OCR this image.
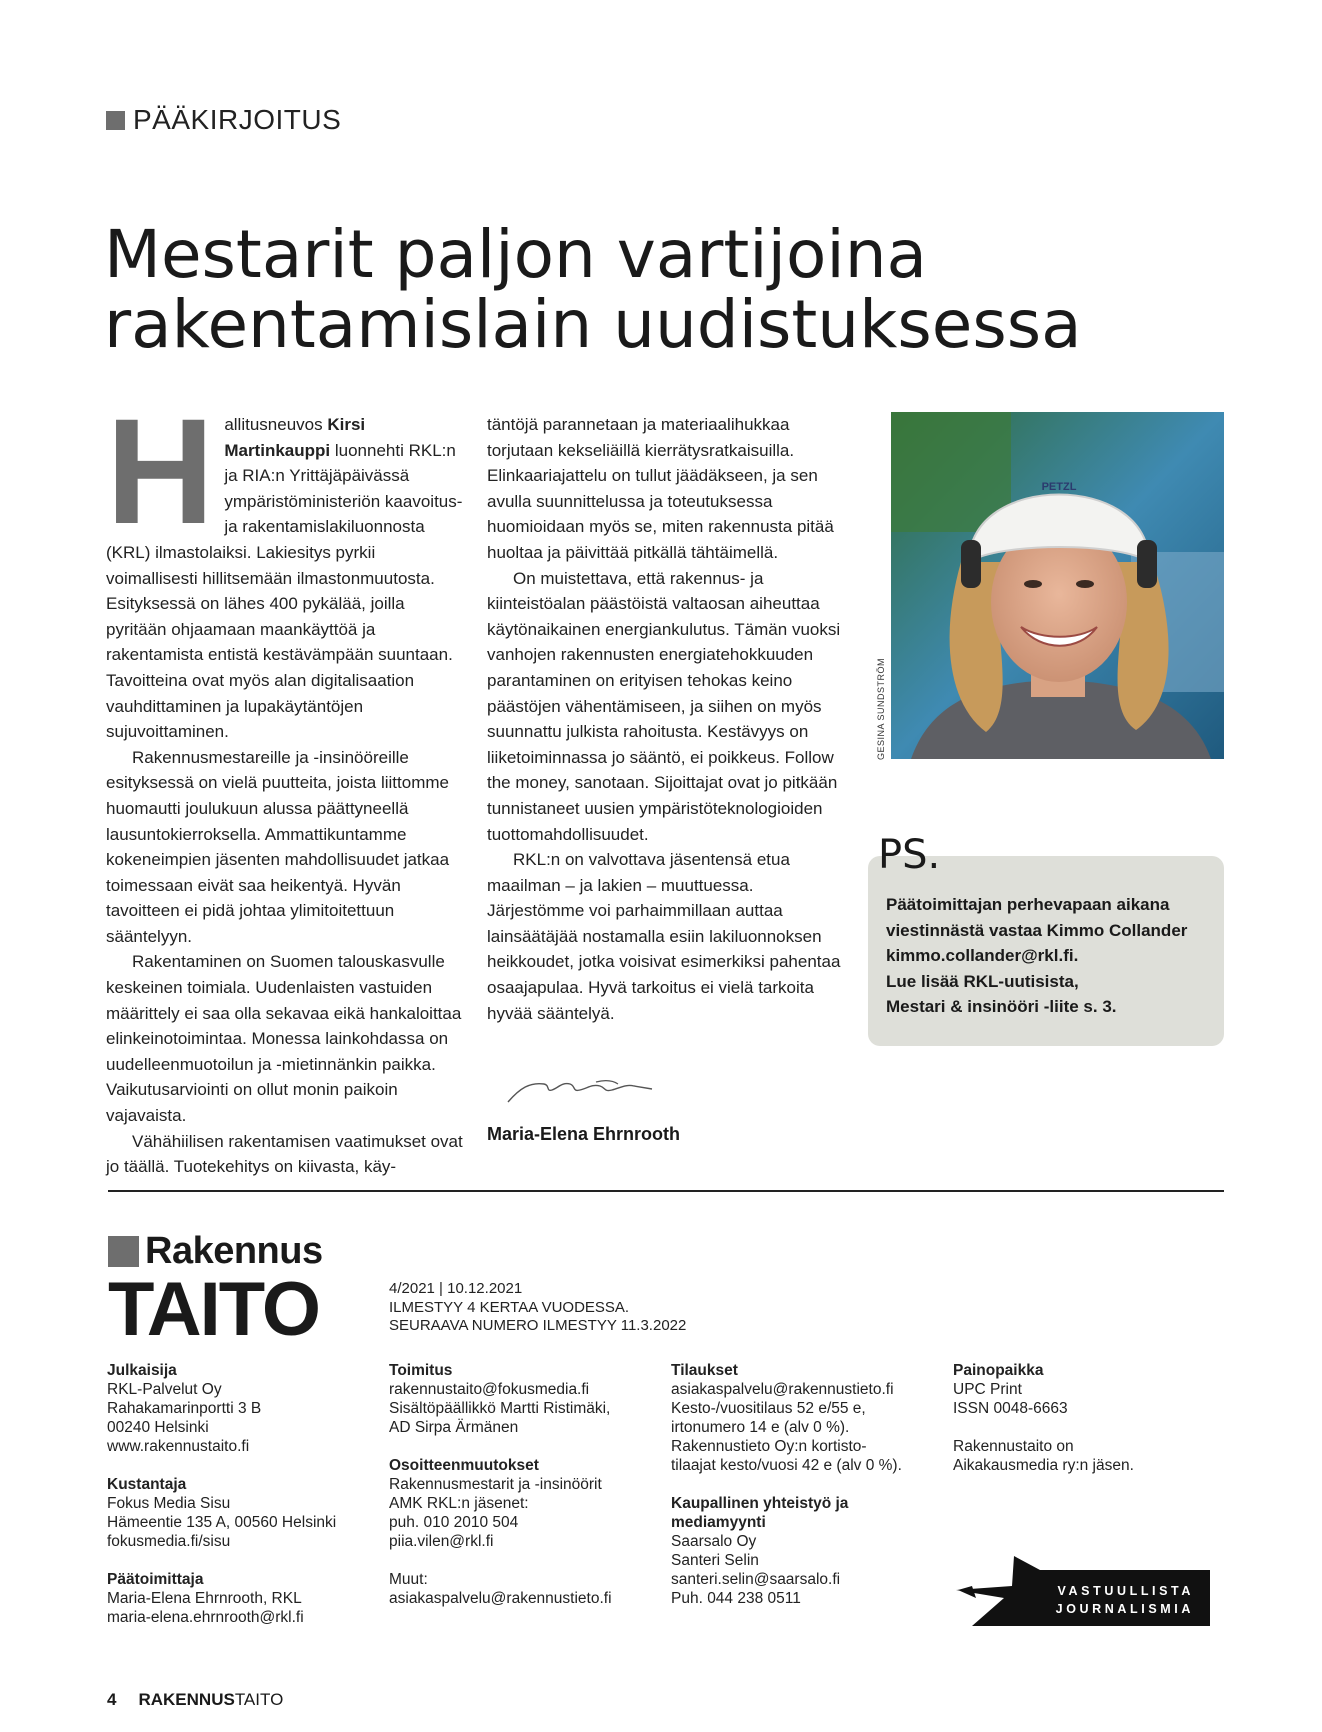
PÄÄKIRJOITUS
Mestarit paljon vartijoina
rakentamislain uudistuksessa

Hallitusneuvos Kirsi Martinkauppi luonnehti RKL:n ja RIA:n Yrittäjäpäivässä ympäristöministeriön kaavoitus- ja rakentamislakiluonnosta (KRL) ilmastolaiksi. Lakiesitys pyrkii voimallisesti hillitsemään ilmastonmuutosta. Esityksessä on lähes 400 pykälää, joilla pyritään ohjaamaan maankäyttöä ja rakentamista entistä kestävämpään suuntaan. Tavoitteina ovat myös alan digitalisaation vauhdittaminen ja lupakäytäntöjen sujuvoittaminen.

Rakennusmestareille ja -insinööreille esityksessä on vielä puutteita, joista liittomme huomautti joulukuun alussa päättyneellä lausuntokierroksella. Ammattikuntamme kokeneimpien jäsenten mahdollisuudet jatkaa toimessaan eivät saa heikentyä. Hyvän tavoitteen ei pidä johtaa ylimitoitettuun sääntelyyn.

Rakentaminen on Suomen talouskasvulle keskeinen toimiala. Uudenlaisten vastuiden määrittely ei saa olla sekavaa eikä hankaloittaa elinkeinotoimintaa. Monessa lainkohdassa on uudelleenmuotoilun ja -mietinnänkin paikka. Vaikutusarviointi on ollut monin paikoin vajavaista.

Vähähiilisen rakentamisen vaatimukset ovat jo täällä. Tuotekehitys on kiivasta, käy-

täntöjä parannetaan ja materiaalihukkaa torjutaan kekseliäillä kierrätysratkaisuilla. Elinkaariajattelu on tullut jäädäkseen, ja sen avulla suunnittelussa ja toteutuksessa huomioidaan myös se, miten rakennusta pitää huoltaa ja päivittää pitkällä tähtäimellä.

On muistettava, että rakennus- ja kiinteistöalan päästöistä valtaosan aiheuttaa käytönaikainen energiankulutus. Tämän vuoksi vanhojen rakennusten energiatehokkuuden parantaminen on erityisen tehokas keino päästöjen vähentämiseen, ja siihen on myös suunnattu julkista rahoitusta. Kestävyys on liiketoiminnassa jo sääntö, ei poikkeus. Follow the money, sanotaan. Sijoittajat ovat jo pitkään tunnistaneet uusien ympäristöteknologioiden tuottomahdollisuudet.

RKL:n on valvottava jäsentensä etua maailman – ja lakien – muuttuessa. Järjestömme voi parhaimmillaan auttaa lainsäätäjää nostamalla esiin lakiluonnoksen heikkoudet, jotka voisivat esimerkiksi pahentaa osaajapulaa. Hyvä tarkoitus ei vielä tarkoita hyvää sääntelyä.

Maria-Elena Ehrnrooth
PETZL
GESINA SUNDSTRÖM
PS.
Päätoimittajan perhevapaan aikana
viestinnästä vastaa Kimmo Collander
kimmo.collander@rkl.fi.
Lue lisää RKL-uutisista,
Mestari & insinööri -liite s. 3.
Rakennus
TAITO	4/2021 | 10.12.2021
ILMESTYY 4 KERTAA VUODESSA.
SEURAAVA NUMERO ILMESTYY 11.3.2022
Julkaisija
RKL-Palvelut Oy
Rahakamarinportti 3 B
00240 Helsinki
www.rakennustaito.fi
Kustantaja
Fokus Media Sisu
Hämeentie 135 A, 00560 Helsinki
fokusmedia.fi/sisu
Päätoimittaja
Maria-Elena Ehrnrooth, RKL
maria-elena.ehrnrooth@rkl.fi
Toimitus
rakennustaito@fokusmedia.fi
Sisältöpäällikkö Martti Ristimäki,
AD Sirpa Ärmänen
Osoitteenmuutokset
Rakennusmestarit ja -insinöörit
AMK RKL:n jäsenet:
puh. 010 2010 504
piia.vilen@rkl.fi
Muut:
asiakaspalvelu@rakennustieto.fi
Tilaukset
asiakaspalvelu@rakennustieto.fi
Kesto-/vuositilaus 52 e/55 e,
irtonumero 14 e (alv 0 %).
Rakennustieto Oy:n kortisto-
tilaajat kesto/vuosi 42 e (alv 0 %).
Kaupallinen yhteistyö ja
mediamyynti
Saarsalo Oy
Santeri Selin
santeri.selin@saarsalo.fi
Puh. 044 238 0511
Painopaikka
UPC Print
ISSN 0048-6663
Rakennustaito on
Aikakausmedia ry:n jäsen.
VASTUULLISTA
JOURNALISMIA
4 RAKENNUS TAITO
